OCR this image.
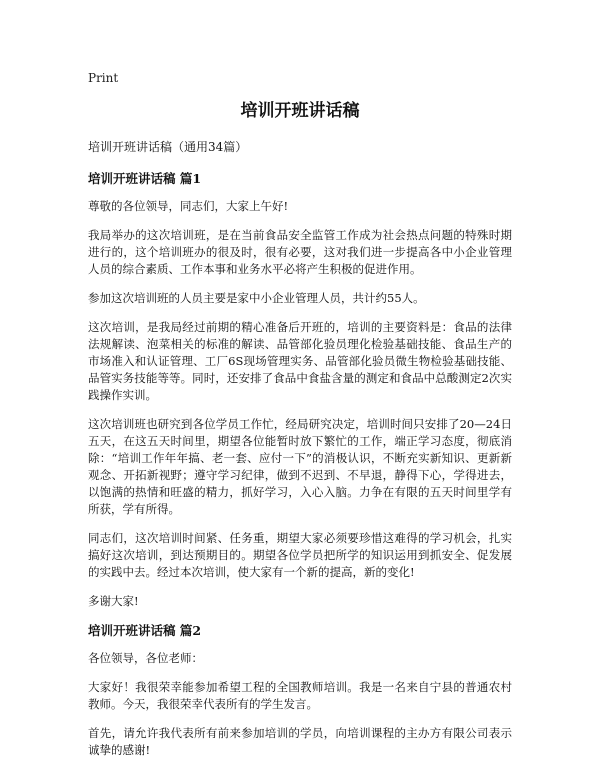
Print
培训开班讲话稿
培训开班讲话稿（通用34篇）
培训开班讲话稿 篇1

尊敬的各位领导，同志们，大家上午好!

我局举办的这次培训班，是在当前食品安全监管工作成为社会热点问题的特殊时期进行的，这个培训班办的很及时，很有必要，这对我们进一步提高各中小企业管理人员的综合素质、工作本事和业务水平必将产生积极的促进作用。

参加这次培训班的人员主要是家中小企业管理人员，共计约55人。

这次培训，是我局经过前期的精心准备后开班的，培训的主要资料是：食品的法律法规解读、泡菜相关的标准的解读、品管部化验员理化检验基础技能、食品生产的市场准入和认证管理、工厂6S现场管理实务、品管部化验员微生物检验基础技能、品管实务技能等等。同时，还安排了食品中食盐含量的测定和食品中总酸测定2次实践操作实训。

这次培训班也研究到各位学员工作忙，经局研究决定，培训时间只安排了20—24日五天，在这五天时间里，期望各位能暂时放下繁忙的工作，端正学习态度，彻底消除：“培训工作年年搞、老一套、应付一下”的消极认识，不断充实新知识、更新新观念、开拓新视野；遵守学习纪律，做到不迟到、不早退，静得下心，学得进去，以饱满的热情和旺盛的精力，抓好学习，入心入脑。力争在有限的五天时间里学有所获，学有所得。

同志们，这次培训时间紧、任务重，期望大家必须要珍惜这难得的学习机会，扎实搞好这次培训，到达预期目的。期望各位学员把所学的知识运用到抓安全、促发展的实践中去。经过本次培训，使大家有一个新的提高，新的变化!

多谢大家!

培训开班讲话稿 篇2

各位领导，各位老师：

大家好！我很荣幸能参加希望工程的全国教师培训。我是一名来自宁县的普通农村教师。今天，我很荣幸代表所有的学生发言。

首先，请允许我代表所有前来参加培训的学员，向培训课程的主办方有限公司表示诚挚的感谢!
